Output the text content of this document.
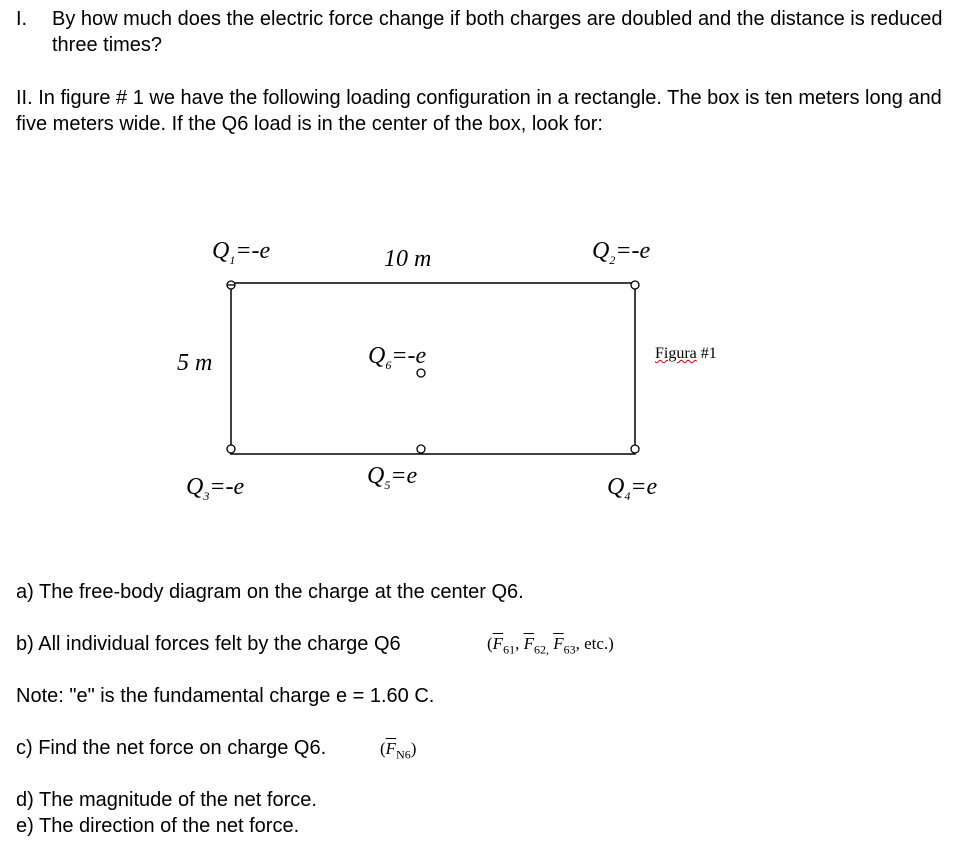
I. By how much does the electric force change if both charges are doubled and the distance is reduced three times?
II. In figure # 1 we have the following loading configuration in a rectangle. The box is ten meters long and five meters wide. If the Q6 load is in the center of the box, look for:
$Q_1=-e$	10 m	$Q_2=-e$
5 m	$Q_6=-e$	Figura #1
$Q_3=-e$	$Q_5=e$	$Q_4=e$
a) The free-body diagram on the charge at the center Q6.
b) All individual forces felt by the charge Q6	($\overline{F}_{61}$, $\overline{F}_{62,}$ $\overline{F}_{63}$, etc.)
Note: "e" is the fundamental charge e = 1.60 C.
c) Find the net force on charge Q6.	$(\overline{F}_{N6})$
d) The magnitude of the net force.
e) The direction of the net force.
